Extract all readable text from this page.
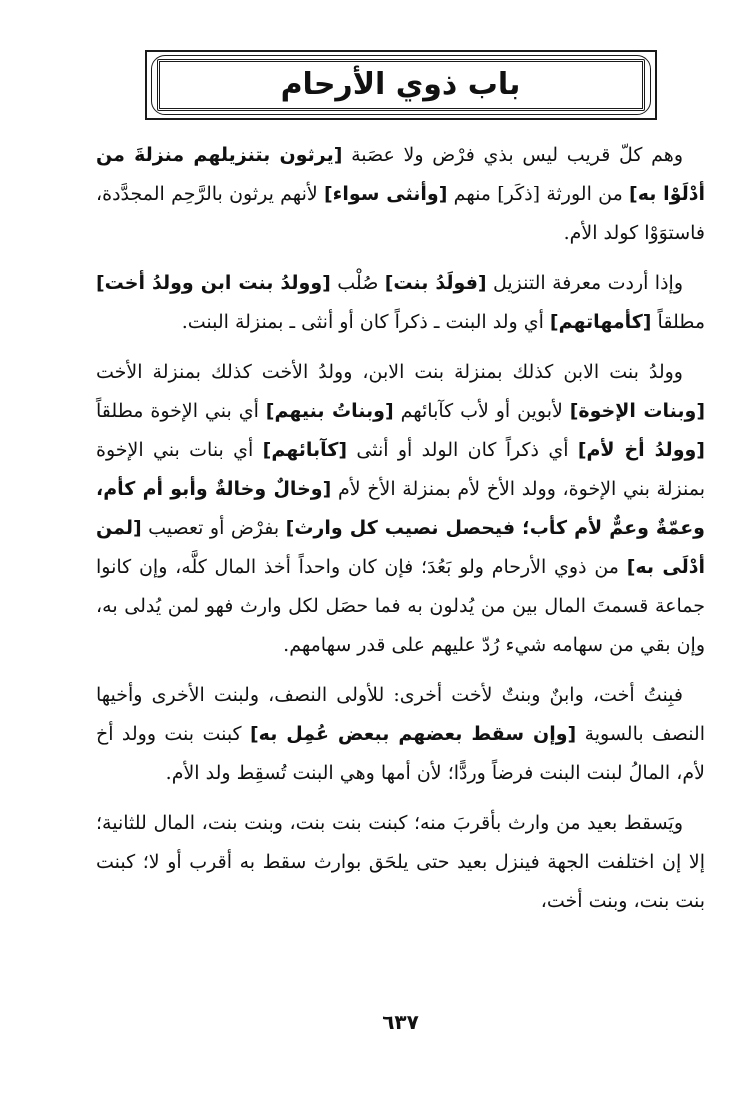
باب ذوي الأرحام

وهم كلّ قريب ليس بذي فرْض ولا عصَبة [يرثون بتنزيلهم منزلةَ من أدْلَوْا به] من الورثة [ذكَر] منهم [وأنثى سواء] لأنهم يرثون بالرَّحِم المجدَّدة، فاستوَوْا كولد الأم.

وإذا أردت معرفة التنزيل [فولَدُ بنت] صُلْب [وولدُ بنت ابن وولدُ أخت] مطلقاً [كأمهاتهم] أي ولد البنت ـ ذكراً كان أو أنثى ـ بمنزلة البنت.

وولدُ بنت الابن كذلك بمنزلة بنت الابن، وولدُ الأخت كذلك بمنزلة الأخت [وبنات الإخوة] لأبوين أو لأب كآبائهم [وبناتُ بنيهم] أي بني الإخوة مطلقاً [وولدُ أخ لأم] أي ذكراً كان الولد أو أنثى [كآبائهم] أي بنات بني الإخوة بمنزلة بني الإخوة، وولد الأخ لأم بمنزلة الأخ لأم [وخالٌ وخالةٌ وأبو أم كأم، وعمّةٌ وعمٌّ لأم كأب؛ فيحصل نصيب كل وارث] بفرْض أو تعصيب [لمن أدْلَى به] من ذوي الأرحام ولو بَعُدَ؛ فإن كان واحداً أخذ المال كلَّه، وإن كانوا جماعة قسمتَ المال بين من يُدلون به فما حصَل لكل وارث فهو لمن يُدلى به، وإن بقي من سهامه شيء رُدّ عليهم على قدر سهامهم.

فبِنتُ أخت، وابنٌ وبنتٌ لأخت أخرى: للأولى النصف، ولبنت الأخرى وأخيها النصف بالسوية [وإن سقط بعضهم ببعض عُمِل به] كبنت بنت وولد أخ لأم، المالُ لبنت البنت فرضاً وردًّا؛ لأن أمها وهي البنت تُسقِط ولد الأم.

ويَسقط بعيد من وارث بأقربَ منه؛ كبنت بنت بنت، وبنت بنت، المال للثانية؛ إلا إن اختلفت الجهة فينزل بعيد حتى يلحَق بوارث سقط به أقرب أو لا؛ كبنت بنت بنت، وبنت أخت،

٦٣٧
